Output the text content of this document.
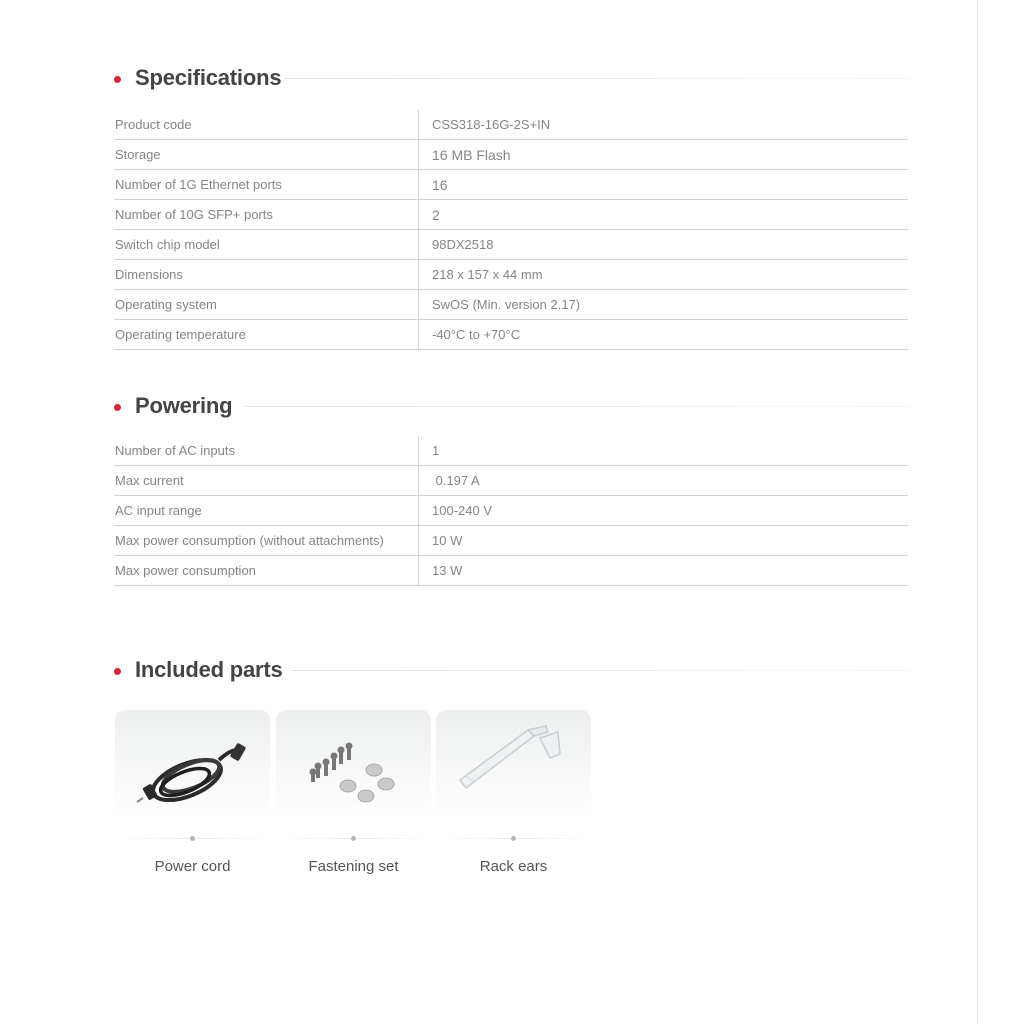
Specifications
Product code	CSS318-16G-2S+IN
Storage	16 MB Flash
Number of 1G Ethernet ports	16
Number of 10G SFP+ ports	2
Switch chip model	98DX2518
Dimensions	218 x 157 x 44 mm
Operating system	SwOS (Min. version 2.17)
Operating temperature	-40°C to +70°C
Powering
Number of AC inputs	1
Max current	0.197 A
AC input range	100-240 V
Max power consumption (without attachments)	10 W
Max power consumption	13 W
Included parts
Power cord	Fastening set	Rack ears
